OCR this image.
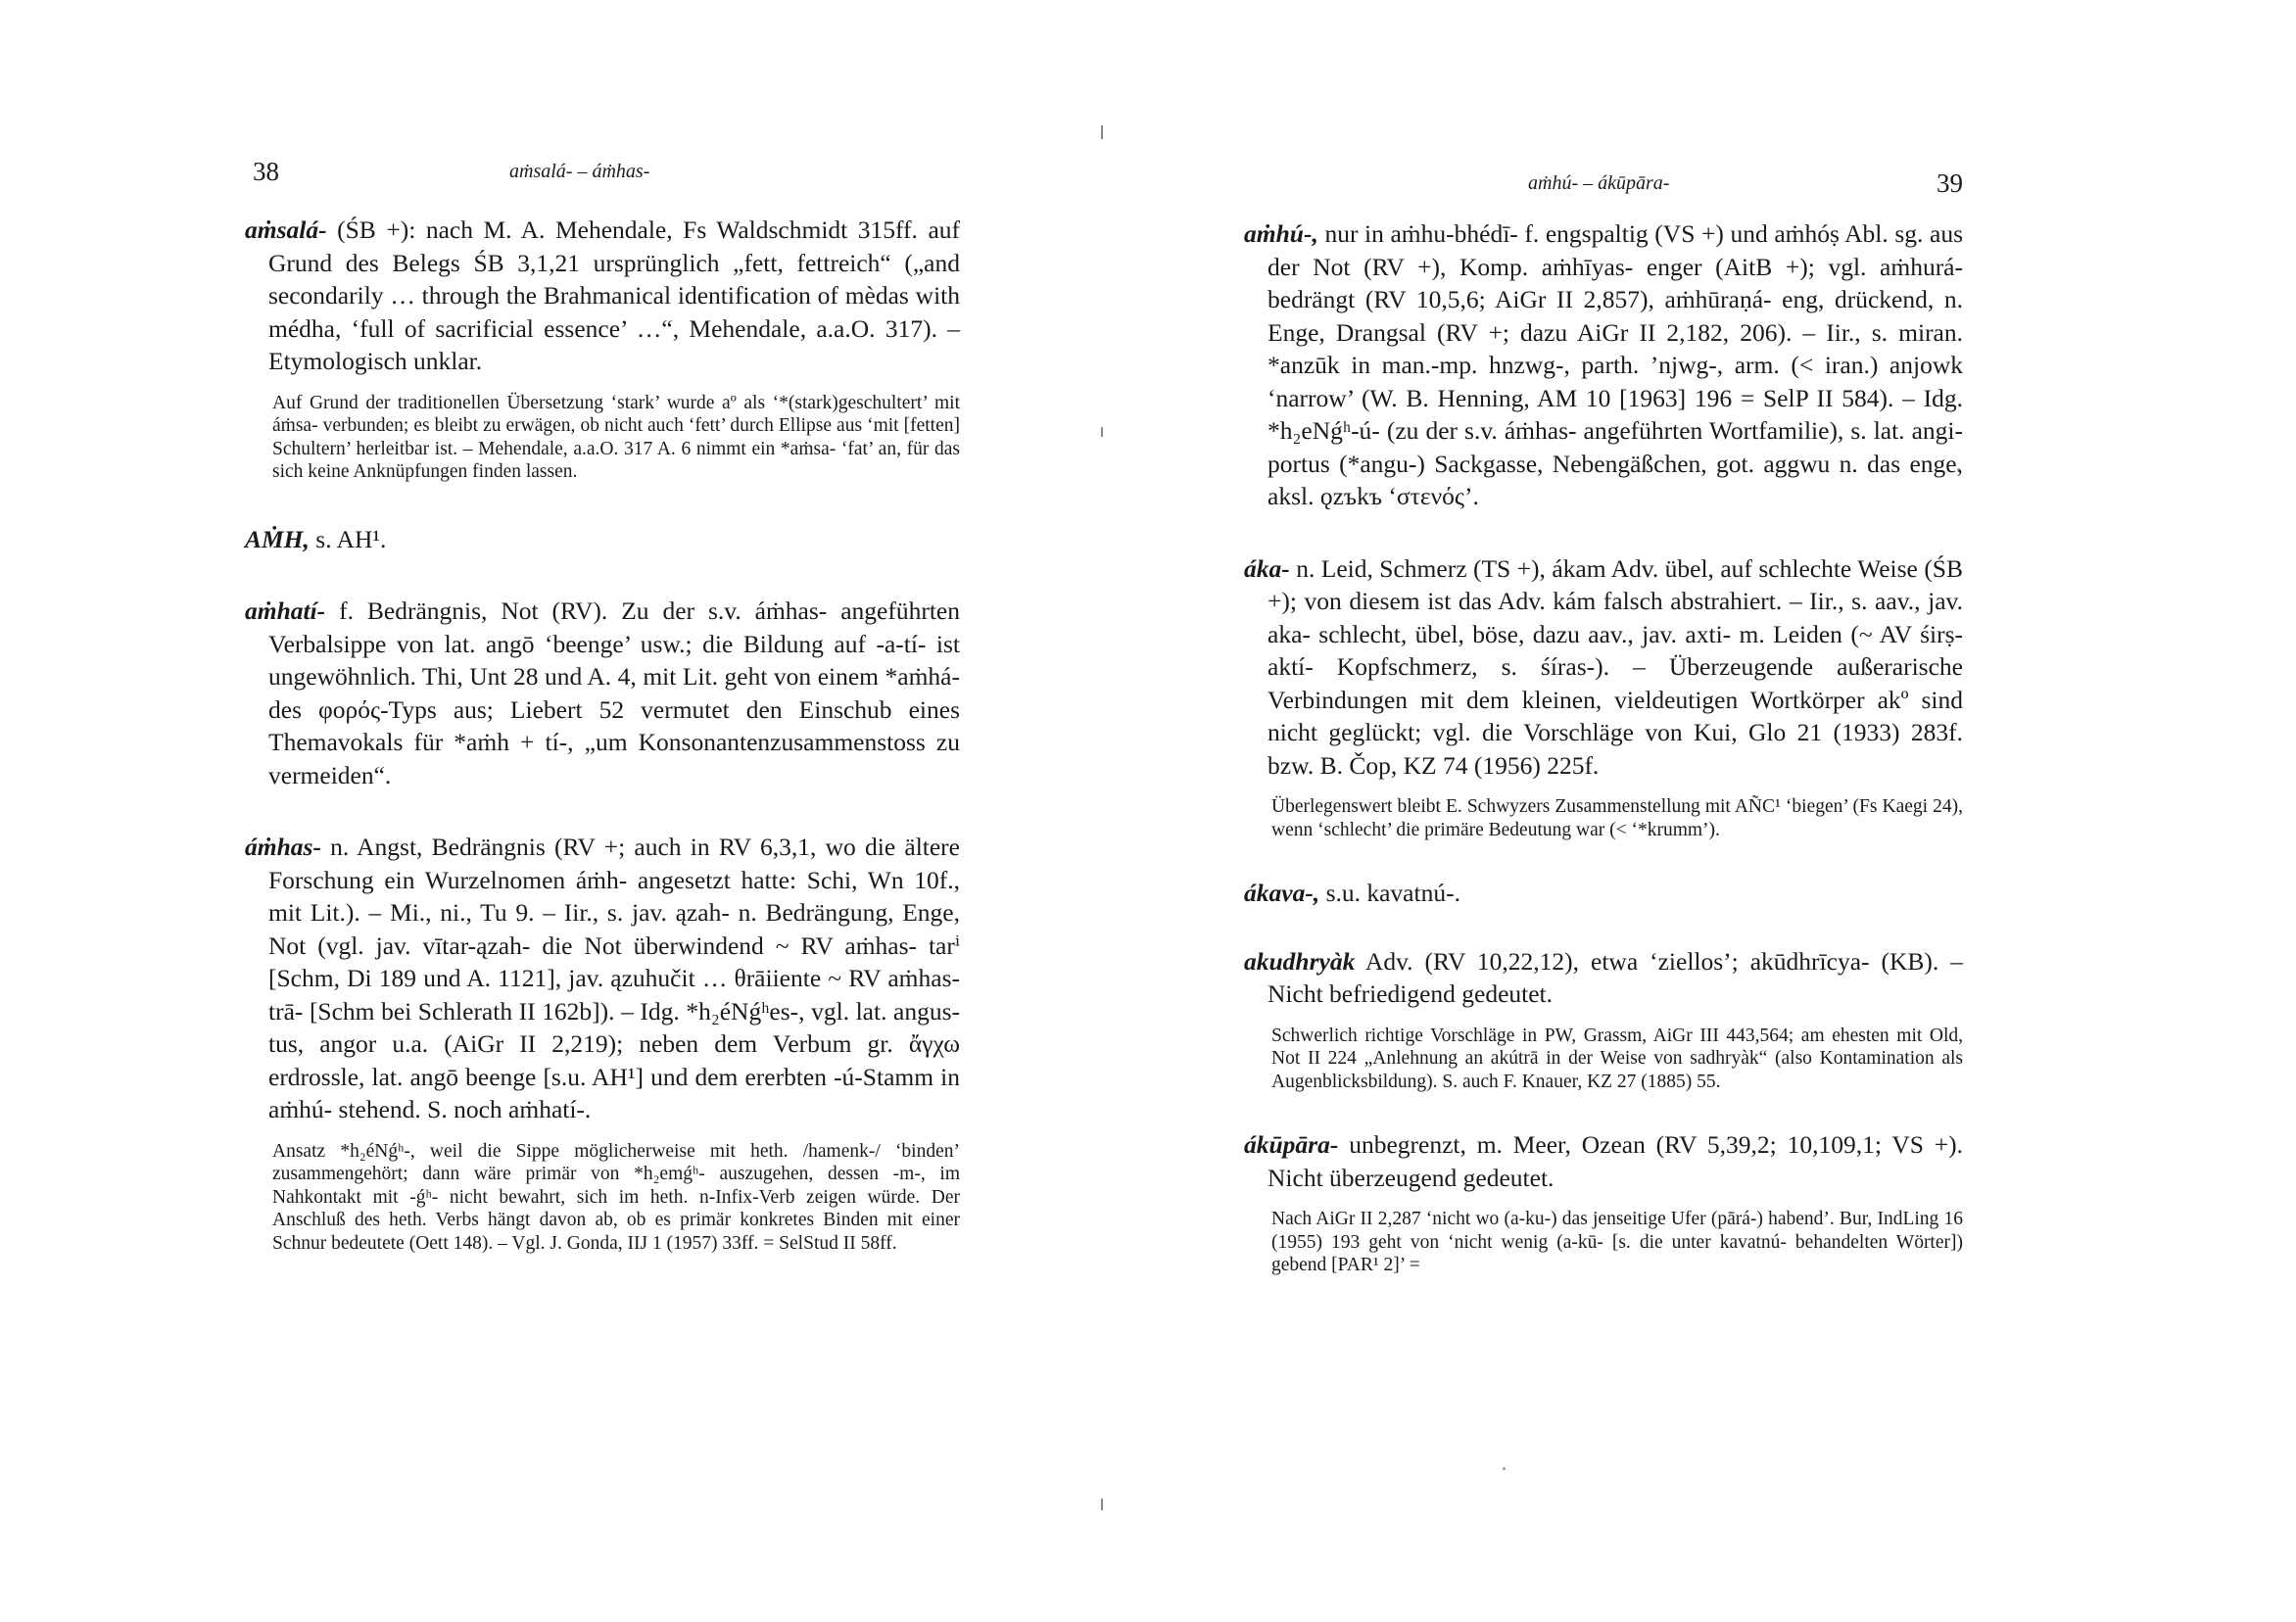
38	aṁsalá- – áṁhas-

aṁsalá- (ŚB +): nach M. A. Mehendale, Fs Waldschmidt 315ff. auf Grund des Belegs ŚB 3,1,21 ursprünglich „fett, fettreich“ („and secondarily … through the Brahmanical identification of mèdas with médha, ‘full of sacrificial essence’ …“, Mehendale, a.a.O. 317). – Etymologisch unklar.

Auf Grund der traditionellen Übersetzung ‘stark’ wurde aº als ‘*(stark)geschultert’ mit áṁsa- verbunden; es bleibt zu erwägen, ob nicht auch ‘fett’ durch Ellipse aus ‘mit [fetten] Schultern’ herleitbar ist. – Mehendale, a.a.O. 317 A. 6 nimmt ein *aṁsa- ‘fat’ an, für das sich keine Anknüpfungen finden lassen.

AṀH, s. AH¹.

aṁhatí- f. Bedrängnis, Not (RV). Zu der s.v. áṁhas- angeführten Verbalsippe von lat. angō ‘beenge’ usw.; die Bildung auf -a-tí- ist ungewöhnlich. Thi, Unt 28 und A. 4, mit Lit. geht von einem *aṁhá- des φορός-Typs aus; Liebert 52 vermutet den Einschub eines Themavokals für *aṁh + tí-, „um Konsonantenzusammenstoss zu vermeiden“.

áṁhas- n. Angst, Bedrängnis (RV +; auch in RV 6,3,1, wo die ältere Forschung ein Wurzelnomen áṁh- angesetzt hatte: Schi, Wn 10f., mit Lit.). – Mi., ni., Tu 9. – Iir., s. jav. ązah- n. Bedrängung, Enge, Not (vgl. jav. vītar-ązah- die Not überwindend ~ RV aṁhas- tarⁱ [Schm, Di 189 und A. 1121], jav. ązuhučit … θrāiiente ~ RV aṁhas- trā- [Schm bei Schlerath II 162b]). – Idg. *h₂éNǵʰes-, vgl. lat. angus-tus, angor u.a. (AiGr II 2,219); neben dem Verbum gr. ἄγχω erdrossle, lat. angō beenge [s.u. AH¹] und dem ererbten -ú-Stamm in aṁhú- stehend. S. noch aṁhatí-.

Ansatz *h₂éNǵʰ-, weil die Sippe möglicherweise mit heth. /hamenk-/ ‘binden’ zusammengehört; dann wäre primär von *h₂emǵʰ- auszugehen, dessen -m-, im Nahkontakt mit -ǵʰ- nicht bewahrt, sich im heth. n-Infix-Verb zeigen würde. Der Anschluß des heth. Verbs hängt davon ab, ob es primär konkretes Binden mit einer Schnur bedeutete (Oett 148). – Vgl. J. Gonda, IIJ 1 (1957) 33ff. = SelStud II 58ff.

aṁhú- – ákūpāra-	39

aṁhú-, nur in aṁhu-bhédī- f. engspaltig (VS +) und aṁhóṣ Abl. sg. aus der Not (RV +), Komp. aṁhīyas- enger (AitB +); vgl. aṁhurá- bedrängt (RV 10,5,6; AiGr II 2,857), aṁhūraṇá- eng, drückend, n. Enge, Drangsal (RV +; dazu AiGr II 2,182, 206). – Iir., s. miran. *anzūk in man.-mp. hnzwg-, parth. ’njwg-, arm. (< iran.) anjowk ‘narrow’ (W. B. Henning, AM 10 [1963] 196 = SelP II 584). – Idg. *h₂eNǵʰ-ú- (zu der s.v. áṁhas- angeführten Wortfamilie), s. lat. angi-portus (*angu-) Sackgasse, Nebengäßchen, got. aggwu n. das enge, aksl. ǫzъkъ ‘στενός’.

áka- n. Leid, Schmerz (TS +), ákam Adv. übel, auf schlechte Weise (ŚB +); von diesem ist das Adv. kám falsch abstrahiert. – Iir., s. aav., jav. aka- schlecht, übel, böse, dazu aav., jav. axti- m. Leiden (~ AV śirṣ-aktí- Kopfschmerz, s. śíras-). – Überzeugende außerarische Verbindungen mit dem kleinen, vieldeutigen Wortkörper akº sind nicht geglückt; vgl. die Vorschläge von Kui, Glo 21 (1933) 283f. bzw. B. Čop, KZ 74 (1956) 225f.

Überlegenswert bleibt E. Schwyzers Zusammenstellung mit AÑC¹ ‘biegen’ (Fs Kaegi 24), wenn ‘schlecht’ die primäre Bedeutung war (< ‘*krumm’).

ákava-, s.u. kavatnú-.

akudhryàk Adv. (RV 10,22,12), etwa ‘ziellos’; akūdhrīcya- (KB). – Nicht befriedigend gedeutet.

Schwerlich richtige Vorschläge in PW, Grassm, AiGr III 443,564; am ehesten mit Old, Not II 224 „Anlehnung an akútrā in der Weise von sadhryàk“ (also Kontamination als Augenblicksbildung). S. auch F. Knauer, KZ 27 (1885) 55.

ákūpāra- unbegrenzt, m. Meer, Ozean (RV 5,39,2; 10,109,1; VS +). Nicht überzeugend gedeutet.

Nach AiGr II 2,287 ‘nicht wo (a-ku-) das jenseitige Ufer (pārá-) habend’. Bur, IndLing 16 (1955) 193 geht von ‘nicht wenig (a-kū- [s. die unter kavatnú- behandelten Wörter]) gebend [PAR¹ 2]’ =
